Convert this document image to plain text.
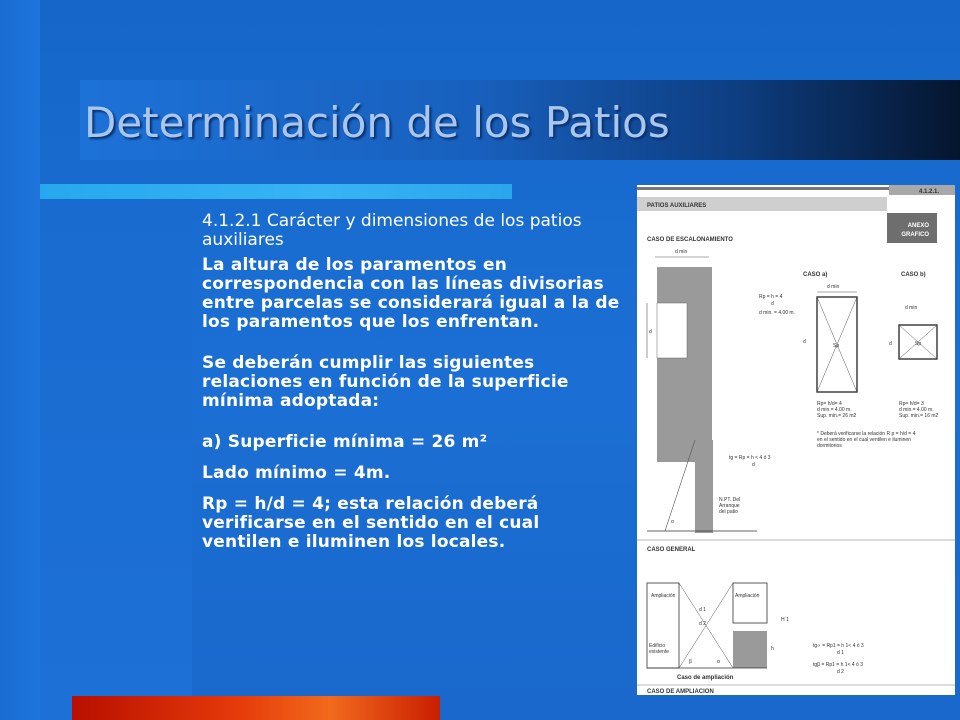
Determinación de los Patios

4.1.2.1 Carácter y dimensiones de los patios auxiliares

La altura de los paramentos en correspondencia con las líneas divisorias entre parcelas se considerará igual a la de los paramentos que los enfrentan.

Se deberán cumplir las siguientes relaciones en función de la superficie mínima adoptada:

a) Superficie mínima = 26 m²

Lado mínimo = 4m.

Rp = h/d = 4; esta relación deberá verificarse en el sentido en el cual ventilen e iluminen los locales.

4.1.2.1.
PATIOS AUXILIARES
ANEXO
GRAFICO
CASO DE ESCALONAMIENTO
d min
d
Rp = h = 4
d
d min. = 4.00 m.
CASO a)
d min
Sp
d
Rp= h/d= 4
d min.= 4.00 m.
Sup. min.= 26 m2
CASO b)
d min
Sp
d
Rp= h/d= 3
d min.= 4.00 m.
Sup. min.= 16 m2
* Deberá verificarse la relación R p = h/d = 4
en el sentido en el cual ventilen e iluminen
dormitorios
α
tg = Rp = h < 4 ó 3
d
N.PT. Del
Arranque
del patio
CASO GENERAL
Ampliación	Ampliación
d 1
d 2
H´1
h
Edificio
existente
β	α
Caso de ampliación
tg∝ = Rp1 = h 1< 4 ó 3
d 1
tgβ = Rp1 = h 1< 4 ó 3
d 2
CASO DE AMPLIACION
